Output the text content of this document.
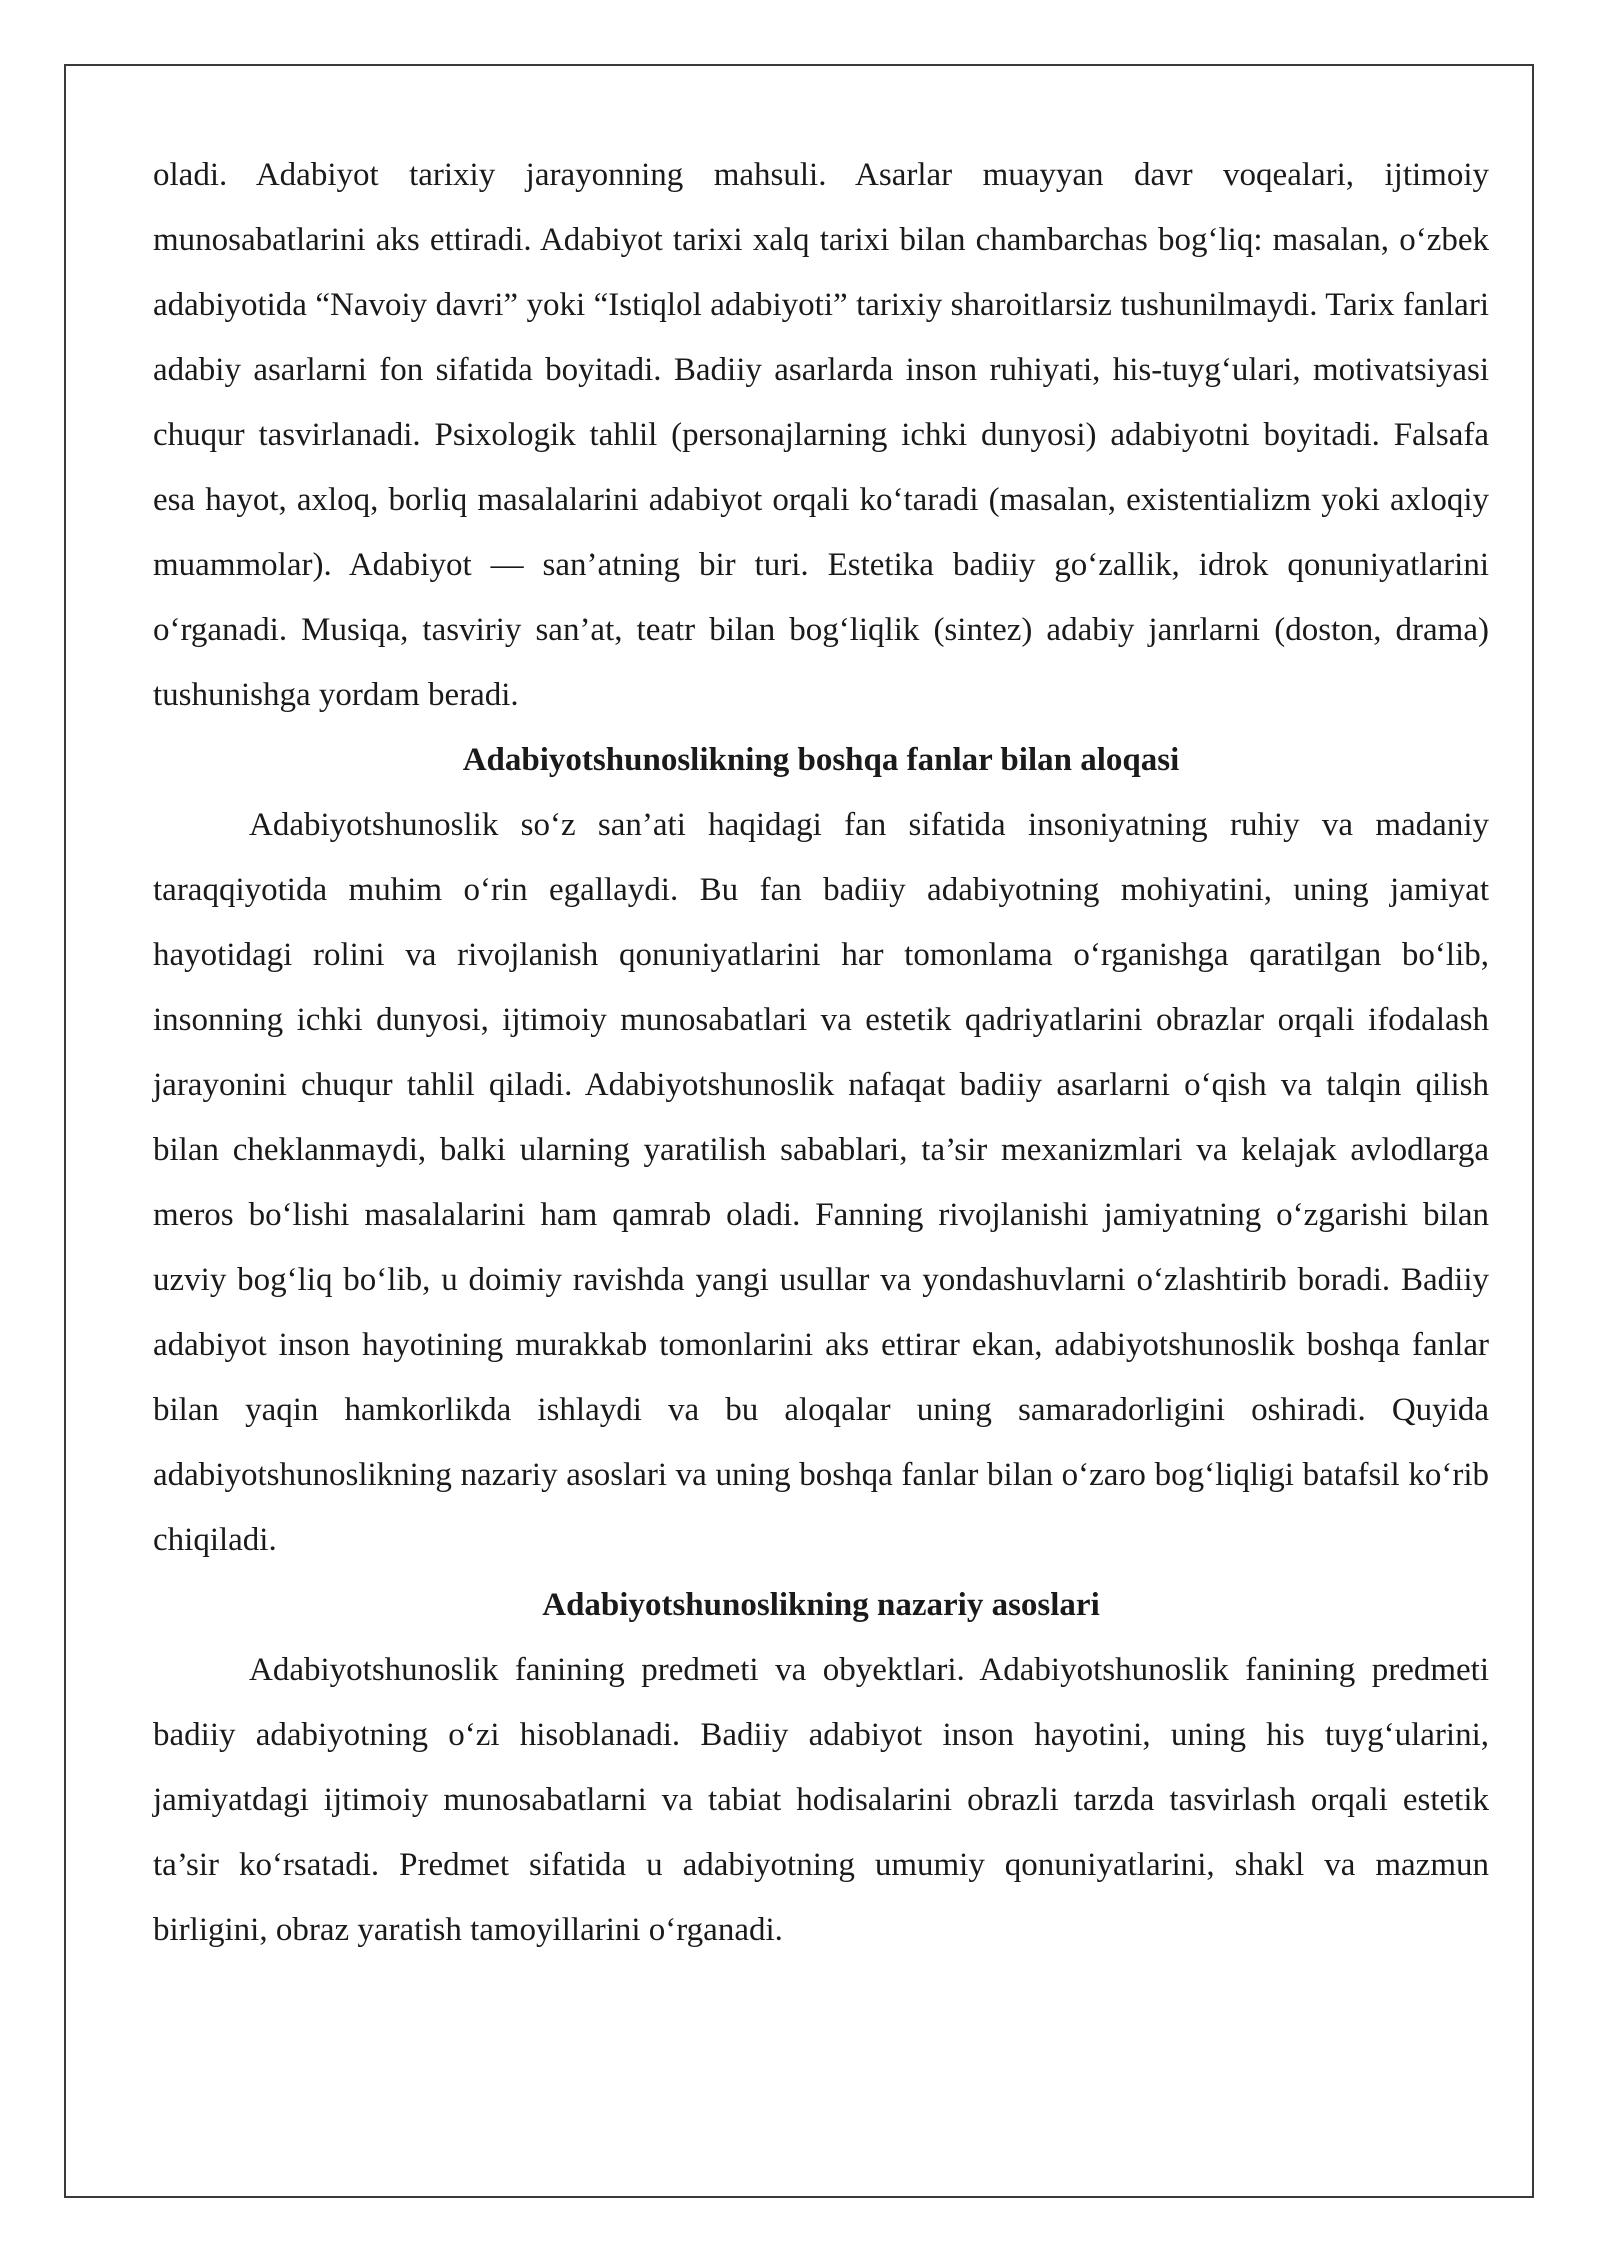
oladi. Adabiyot tarixiy jarayonning mahsuli. Asarlar muayyan davr voqealari, ijtimoiy munosabatlarini aks ettiradi. Adabiyot tarixi xalq tarixi bilan chambarchas bog‘liq: masalan, o‘zbek adabiyotida “Navoiy davri” yoki “Istiqlol adabiyoti” tarixiy sharoitlarsiz tushunilmaydi. Tarix fanlari adabiy asarlarni fon sifatida boyitadi. Badiiy asarlarda inson ruhiyati, his-tuyg‘ulari, motivatsiyasi chuqur tasvirlanadi. Psixologik tahlil (personajlarning ichki dunyosi) adabiyotni boyitadi. Falsafa esa hayot, axloq, borliq masalalarini adabiyot orqali ko‘taradi (masalan, existentializm yoki axloqiy muammolar). Adabiyot — san’atning bir turi. Estetika badiiy go‘zallik, idrok qonuniyatlarini o‘rganadi. Musiqa, tasviriy san’at, teatr bilan bog‘liqlik (sintez) adabiy janrlarni (doston, drama) tushunishga yordam beradi.

Adabiyotshunoslikning boshqa fanlar bilan aloqasi

Adabiyotshunoslik so‘z san’ati haqidagi fan sifatida insoniyatning ruhiy va madaniy taraqqiyotida muhim o‘rin egallaydi. Bu fan badiiy adabiyotning mohiyatini, uning jamiyat hayotidagi rolini va rivojlanish qonuniyatlarini har tomonlama o‘rganishga qaratilgan bo‘lib, insonning ichki dunyosi, ijtimoiy munosabatlari va estetik qadriyatlarini obrazlar orqali ifodalash jarayonini chuqur tahlil qiladi. Adabiyotshunoslik nafaqat badiiy asarlarni o‘qish va talqin qilish bilan cheklanmaydi, balki ularning yaratilish sabablari, ta’sir mexanizmlari va kelajak avlodlarga meros bo‘lishi masalalarini ham qamrab oladi. Fanning rivojlanishi jamiyatning o‘zgarishi bilan uzviy bog‘liq bo‘lib, u doimiy ravishda yangi usullar va yondashuvlarni o‘zlashtirib boradi. Badiiy adabiyot inson hayotining murakkab tomonlarini aks ettirar ekan, adabiyotshunoslik boshqa fanlar bilan yaqin hamkorlikda ishlaydi va bu aloqalar uning samaradorligini oshiradi. Quyida adabiyotshunoslikning nazariy asoslari va uning boshqa fanlar bilan o‘zaro bog‘liqligi batafsil ko‘rib chiqiladi.

Adabiyotshunoslikning nazariy asoslari

Adabiyotshunoslik fanining predmeti va obyektlari. Adabiyotshunoslik fanining predmeti badiiy adabiyotning o‘zi hisoblanadi. Badiiy adabiyot inson hayotini, uning his tuyg‘ularini, jamiyatdagi ijtimoiy munosabatlarni va tabiat hodisalarini obrazli tarzda tasvirlash orqali estetik ta’sir ko‘rsatadi. Predmet sifatida u adabiyotning umumiy qonuniyatlarini, shakl va mazmun birligini, obraz yaratish tamoyillarini o‘rganadi.
